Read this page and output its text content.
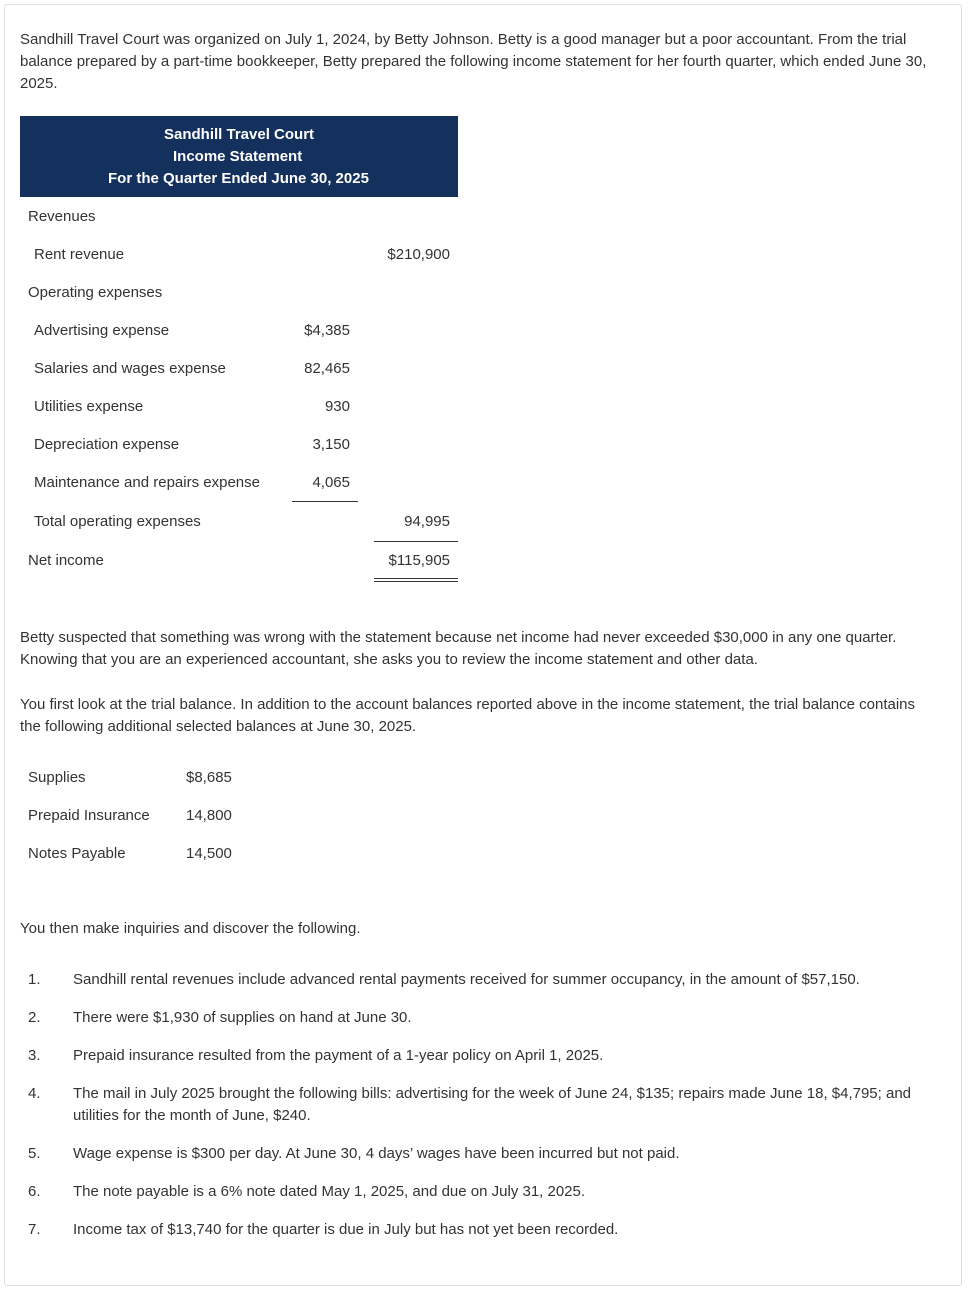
Sandhill Travel Court was organized on July 1, 2024, by Betty Johnson. Betty is a good manager but a poor accountant. From the trial balance prepared by a part-time bookkeeper, Betty prepared the following income statement for her fourth quarter, which ended June 30, 2025.

Sandhill Travel Court
Income Statement
For the Quarter Ended June 30, 2025
Revenues
Rent revenue	$210,900
Operating expenses
Advertising expense	$4,385
Salaries and wages expense	82,465
Utilities expense	930
Depreciation expense	3,150
Maintenance and repairs expense	4,065
Total operating expenses	94,995
Net income	$115,905

Betty suspected that something was wrong with the statement because net income had never exceeded $30,000 in any one quarter. Knowing that you are an experienced accountant, she asks you to review the income statement and other data.

You first look at the trial balance. In addition to the account balances reported above in the income statement, the trial balance contains the following additional selected balances at June 30, 2025.

Supplies	$8,685
Prepaid Insurance 14,800
Notes Payable	14,500

You then make inquiries and discover the following.

1.	Sandhill rental revenues include advanced rental payments received for summer occupancy, in the amount of $57,150.
2.	There were $1,930 of supplies on hand at June 30.
3.	Prepaid insurance resulted from the payment of a 1-year policy on April 1, 2025.
4.	The mail in July 2025 brought the following bills: advertising for the week of June 24, $135; repairs made June 18, $4,795; and utilities for the month of June, $240.
5.	Wage expense is $300 per day. At June 30, 4 days’ wages have been incurred but not paid.
6.	The note payable is a 6% note dated May 1, 2025, and due on July 31, 2025.
7.	Income tax of $13,740 for the quarter is due in July but has not yet been recorded.
